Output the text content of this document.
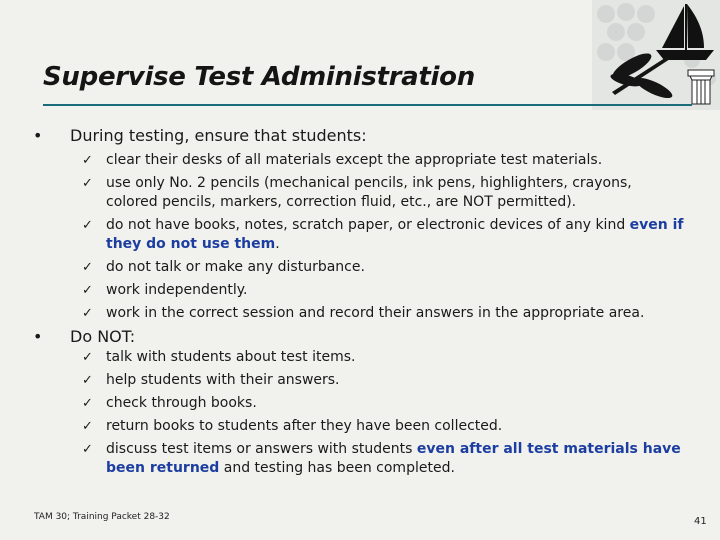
Supervise Test Administration
• During testing, ensure that students:
✓ clear their desks of all materials except the appropriate test materials.
✓ use only No. 2 pencils (mechanical pencils, ink pens, highlighters, crayons, colored pencils, markers, correction fluid, etc., are NOT permitted).
✓ do not have books, notes, scratch paper, or electronic devices of any kind even if they do not use them.
✓ do not talk or make any disturbance.
✓ work independently.
✓ work in the correct session and record their answers in the appropriate area.
• Do NOT:
✓ talk with students about test items.
✓ help students with their answers.
✓ check through books.
✓ return books to students after they have been collected.
✓ discuss test items or answers with students even after all test materials have been returned and testing has been completed.
TAM 30; Training Packet 28-32	41
